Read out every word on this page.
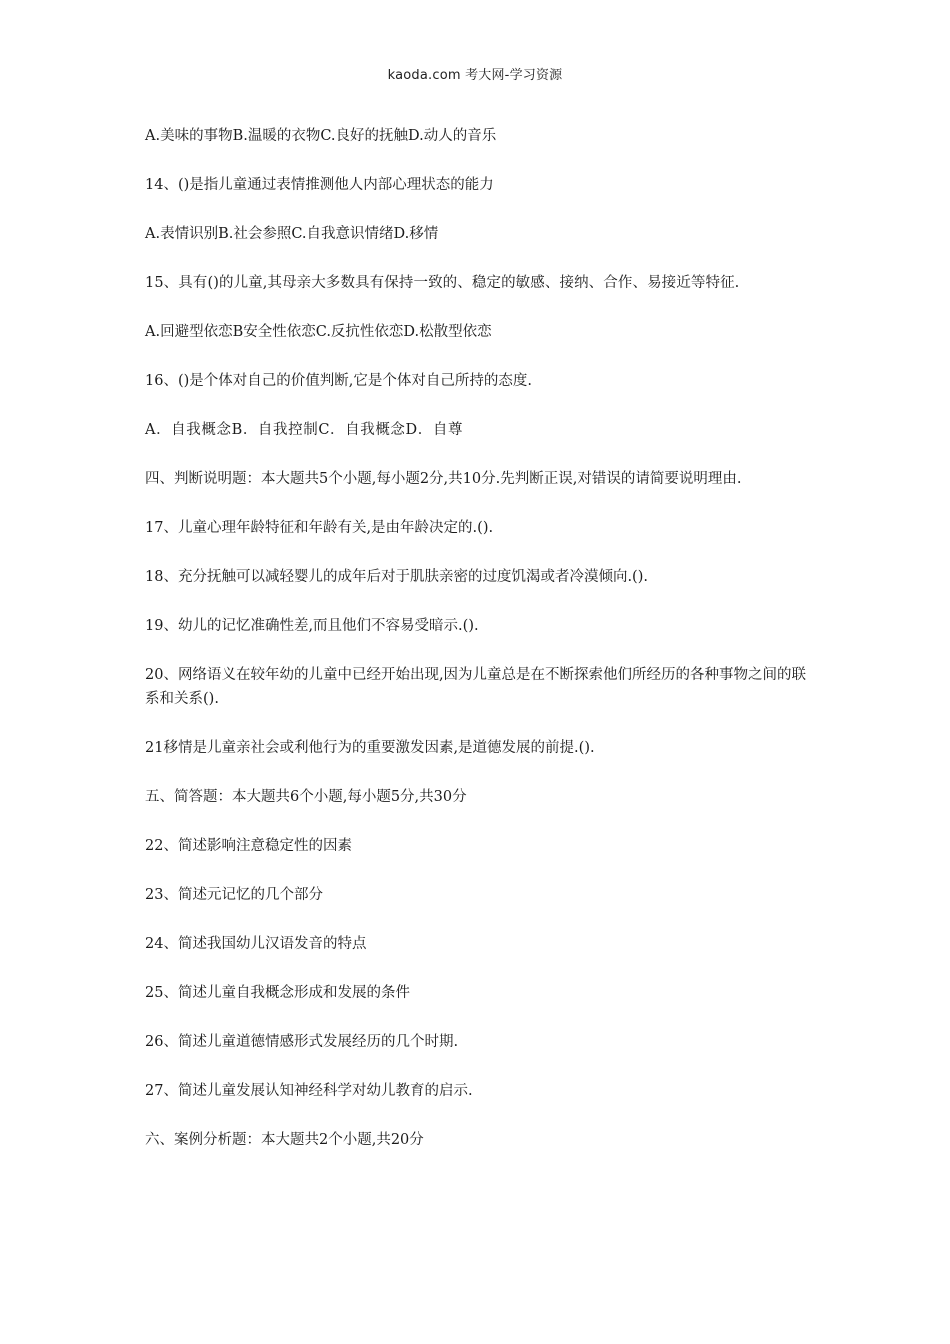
kaoda.com 考大网-学习资源

A.美味的事物B.温暖的衣物C.良好的抚触D.动人的音乐

14、()是指儿童通过表情推测他人内部心理状态的能力

A.表情识别B.社会参照C.自我意识情绪D.移情

15、具有()的儿童,其母亲大多数具有保持一致的、稳定的敏感、接纳、合作、易接近等特征.

A.回避型依恋B安全性依恋C.反抗性依恋D.松散型依恋

16、()是个体对自己的价值判断,它是个体对自己所持的态度.

A．自我概念B．自我控制C．自我概念D．自尊

四、判断说明题：本大题共5个小题,每小题2分,共10分.先判断正误,对错误的请简要说明理由.

17、儿童心理年龄特征和年龄有关,是由年龄决定的.().

18、充分抚触可以减轻婴儿的成年后对于肌肤亲密的过度饥渴或者冷漠倾向.().

19、幼儿的记忆准确性差,而且他们不容易受暗示.().

20、网络语义在较年幼的儿童中已经开始出现,因为儿童总是在不断探索他们所经历的各种事物之间的联系和关系().

21移情是儿童亲社会或利他行为的重要激发因素,是道德发展的前提.().

五、简答题：本大题共6个小题,每小题5分,共30分

22、简述影响注意稳定性的因素

23、简述元记忆的几个部分

24、简述我国幼儿汉语发音的特点

25、简述儿童自我概念形成和发展的条件

26、简述儿童道德情感形式发展经历的几个时期.

27、简述儿童发展认知神经科学对幼儿教育的启示.

六、案例分析题：本大题共2个小题,共20分
